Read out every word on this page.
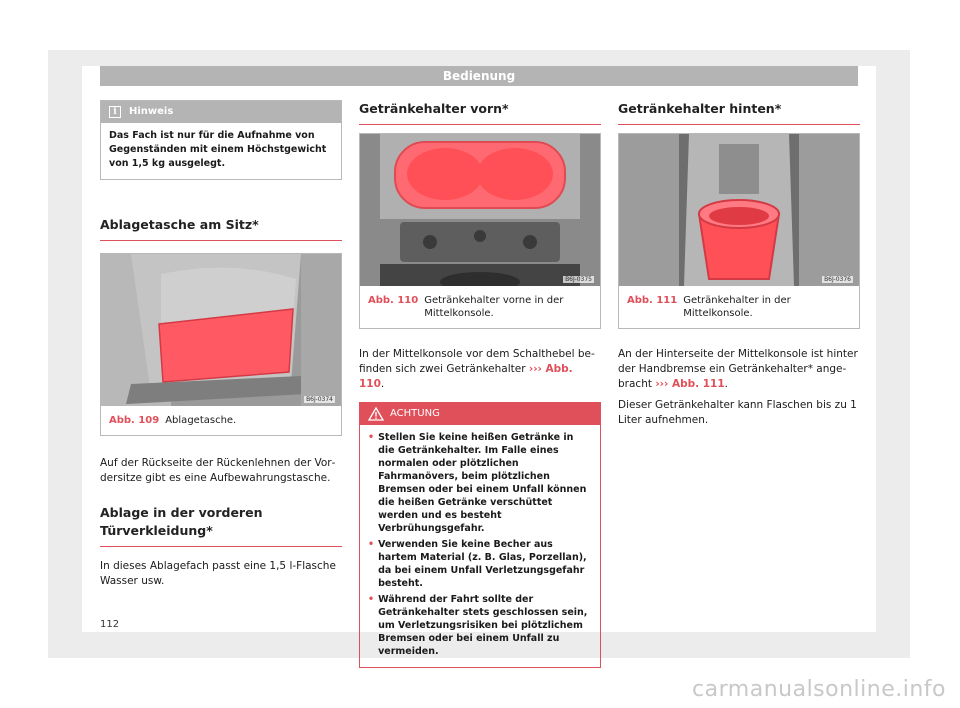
Bedienung
i	Hinweis
Das Fach ist nur für die Aufnahme von Gegenständen mit einem Höchstgewicht von 1,5 kg ausgelegt.
Ablagetasche am Sitz*
B6J-0374
Abb. 109 Ablagetasche.

Auf der Rückseite der Rückenlehnen der Vordersitze gibt es eine Aufbewahrungstasche.

Ablage in der vorderen Türverkleidung*

In dieses Ablagefach passt eine 1,5 l-Flasche Wasser usw.

Getränkehalter vorn*
B6J-0375
Abb. 110 Getränkehalter vorne in der Mittelkonsole.

In der Mittelkonsole vor dem Schalthebel befinden sich zwei Getränkehalter ››› Abb. 110.

ACHTUNG
• Stellen Sie keine heißen Getränke in die Getränkehalter. Im Falle eines normalen oder plötzlichen Fahrmanövers, beim plötzlichen Bremsen oder bei einem Unfall können die heißen Getränke verschüttet werden und es besteht Verbrühungsgefahr.
• Verwenden Sie keine Becher aus hartem Material (z. B. Glas, Porzellan), da bei einem Unfall Verletzungsgefahr besteht.
• Während der Fahrt sollte der Getränkehalter stets geschlossen sein, um Verletzungsrisiken bei plötzlichem Bremsen oder bei einem Unfall zu vermeiden.
Getränkehalter hinten*
B6J-0376
Abb. 111 Getränkehalter in der Mittelkonsole.

An der Hinterseite der Mittelkonsole ist hinter der Handbremse ein Getränkehalter* angebracht ››› Abb. 111.

Dieser Getränkehalter kann Flaschen bis zu 1 Liter aufnehmen.

112
carmanualsonline.info
